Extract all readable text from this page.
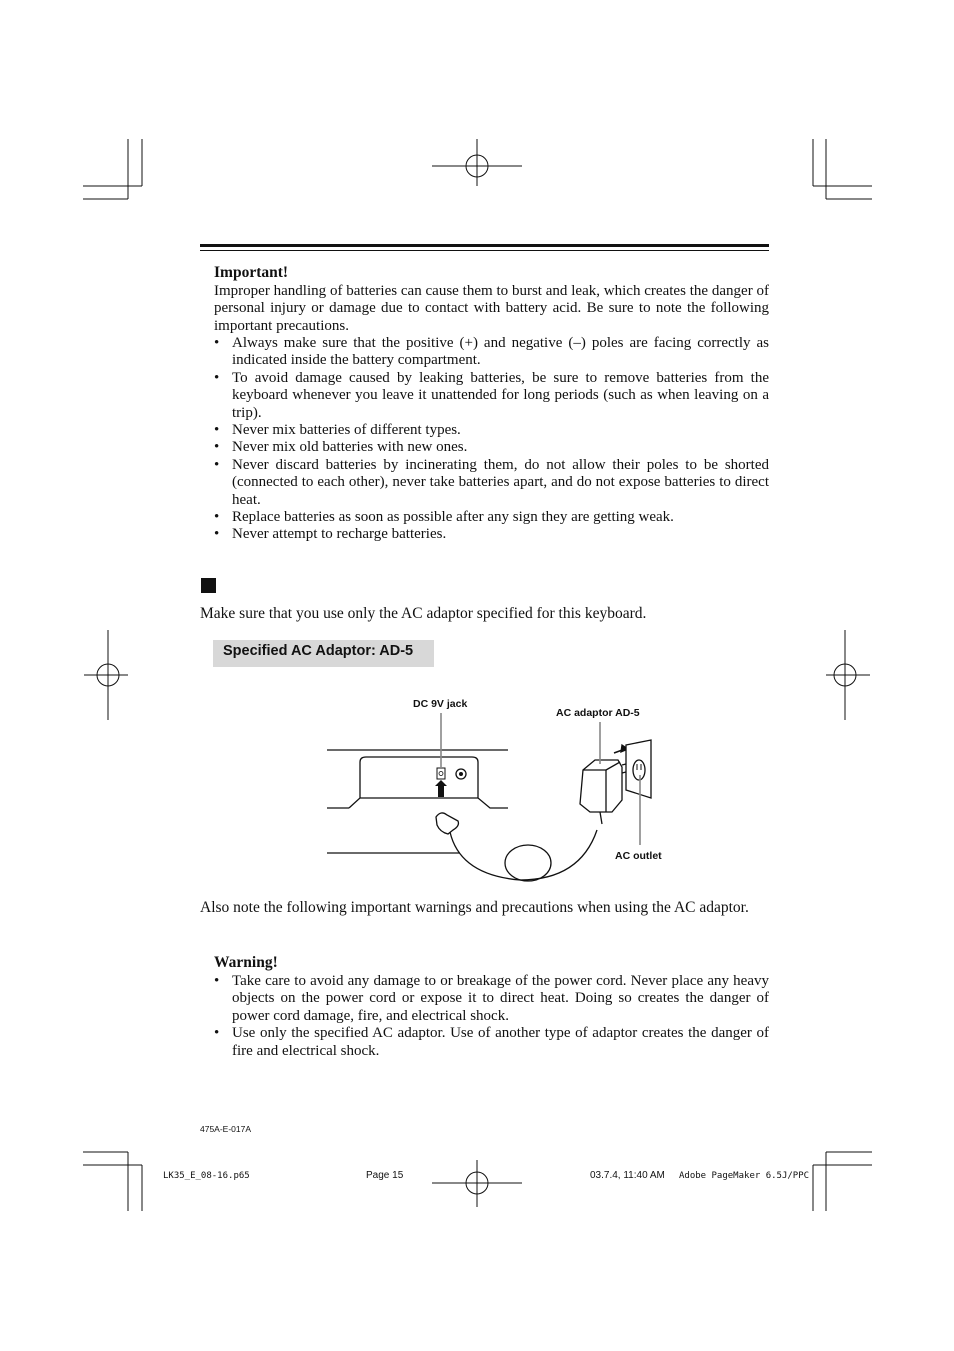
Important!
Improper handling of batteries can cause them to burst and leak, which creates the danger of personal injury or damage due to contact with battery acid. Be sure to note the following important precautions.
• Always make sure that the positive (+) and negative (–) poles are facing correctly as indicated inside the battery compartment.
• To avoid damage caused by leaking batteries, be sure to remove batteries from the keyboard whenever you leave it unattended for long periods (such as when leaving on a trip).
• Never mix batteries of different types.
• Never mix old batteries with new ones.
• Never discard batteries by incinerating them, do not allow their poles to be shorted (connected to each other), never take batteries apart, and do not expose batteries to direct heat.
• Replace batteries as soon as possible after any sign they are getting weak.
• Never attempt to recharge batteries.
Make sure that you use only the AC adaptor specified for this keyboard.
Specified AC Adaptor: AD-5
DC 9V jack
AC adaptor AD-5
AC outlet
Also note the following important warnings and precautions when using the AC adaptor.
Warning!
• Take care to avoid any damage to or breakage of the power cord. Never place any heavy objects on the power cord or expose it to direct heat. Doing so creates the danger of power cord damage, fire, and electrical shock.
• Use only the specified AC adaptor. Use of another type of adaptor creates the danger of fire and electrical shock.
475A-E-017A
LK35_E_08-16.p65	Page 15	03.7.4, 11:40 AM Adobe PageMaker 6.5J/PPC
